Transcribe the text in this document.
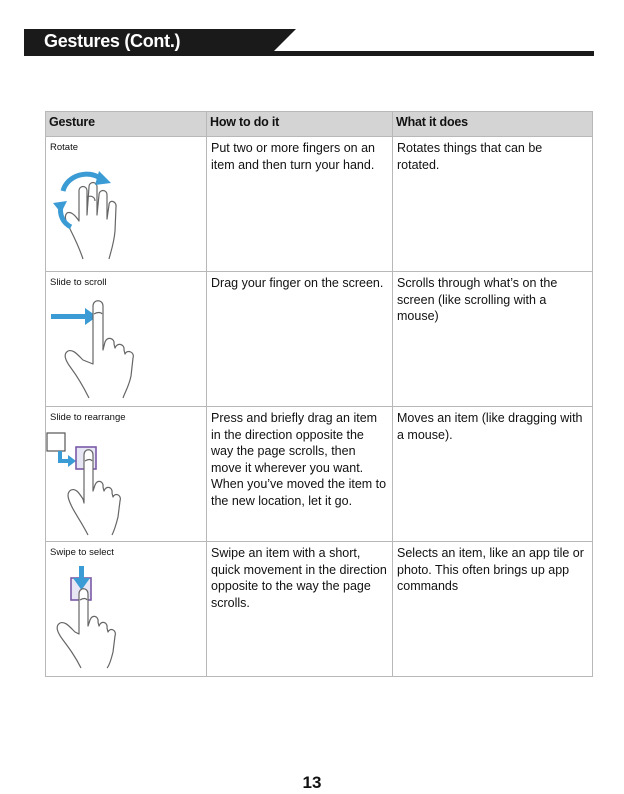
Gestures (Cont.)
Gesture	How to do it	What it does

Rotate	Put two or more fingers on an item and then turn your hand.	Rotates things that can be rotated.

Slide to scroll	Drag your finger on the screen.	Scrolls through what’s on the screen (like scrolling with a mouse)

Slide to rearrange	Press and briefly drag an item in the direction opposite the way the page scrolls, then move it wherever you want. When you’ve moved the item to the new location, let it go.	Moves an item (like dragging with a mouse).

Swipe to select	Swipe an item with a short, quick movement in the direction opposite to the way the page scrolls.	Selects an item, like an app tile or photo. This often brings up app commands
13
